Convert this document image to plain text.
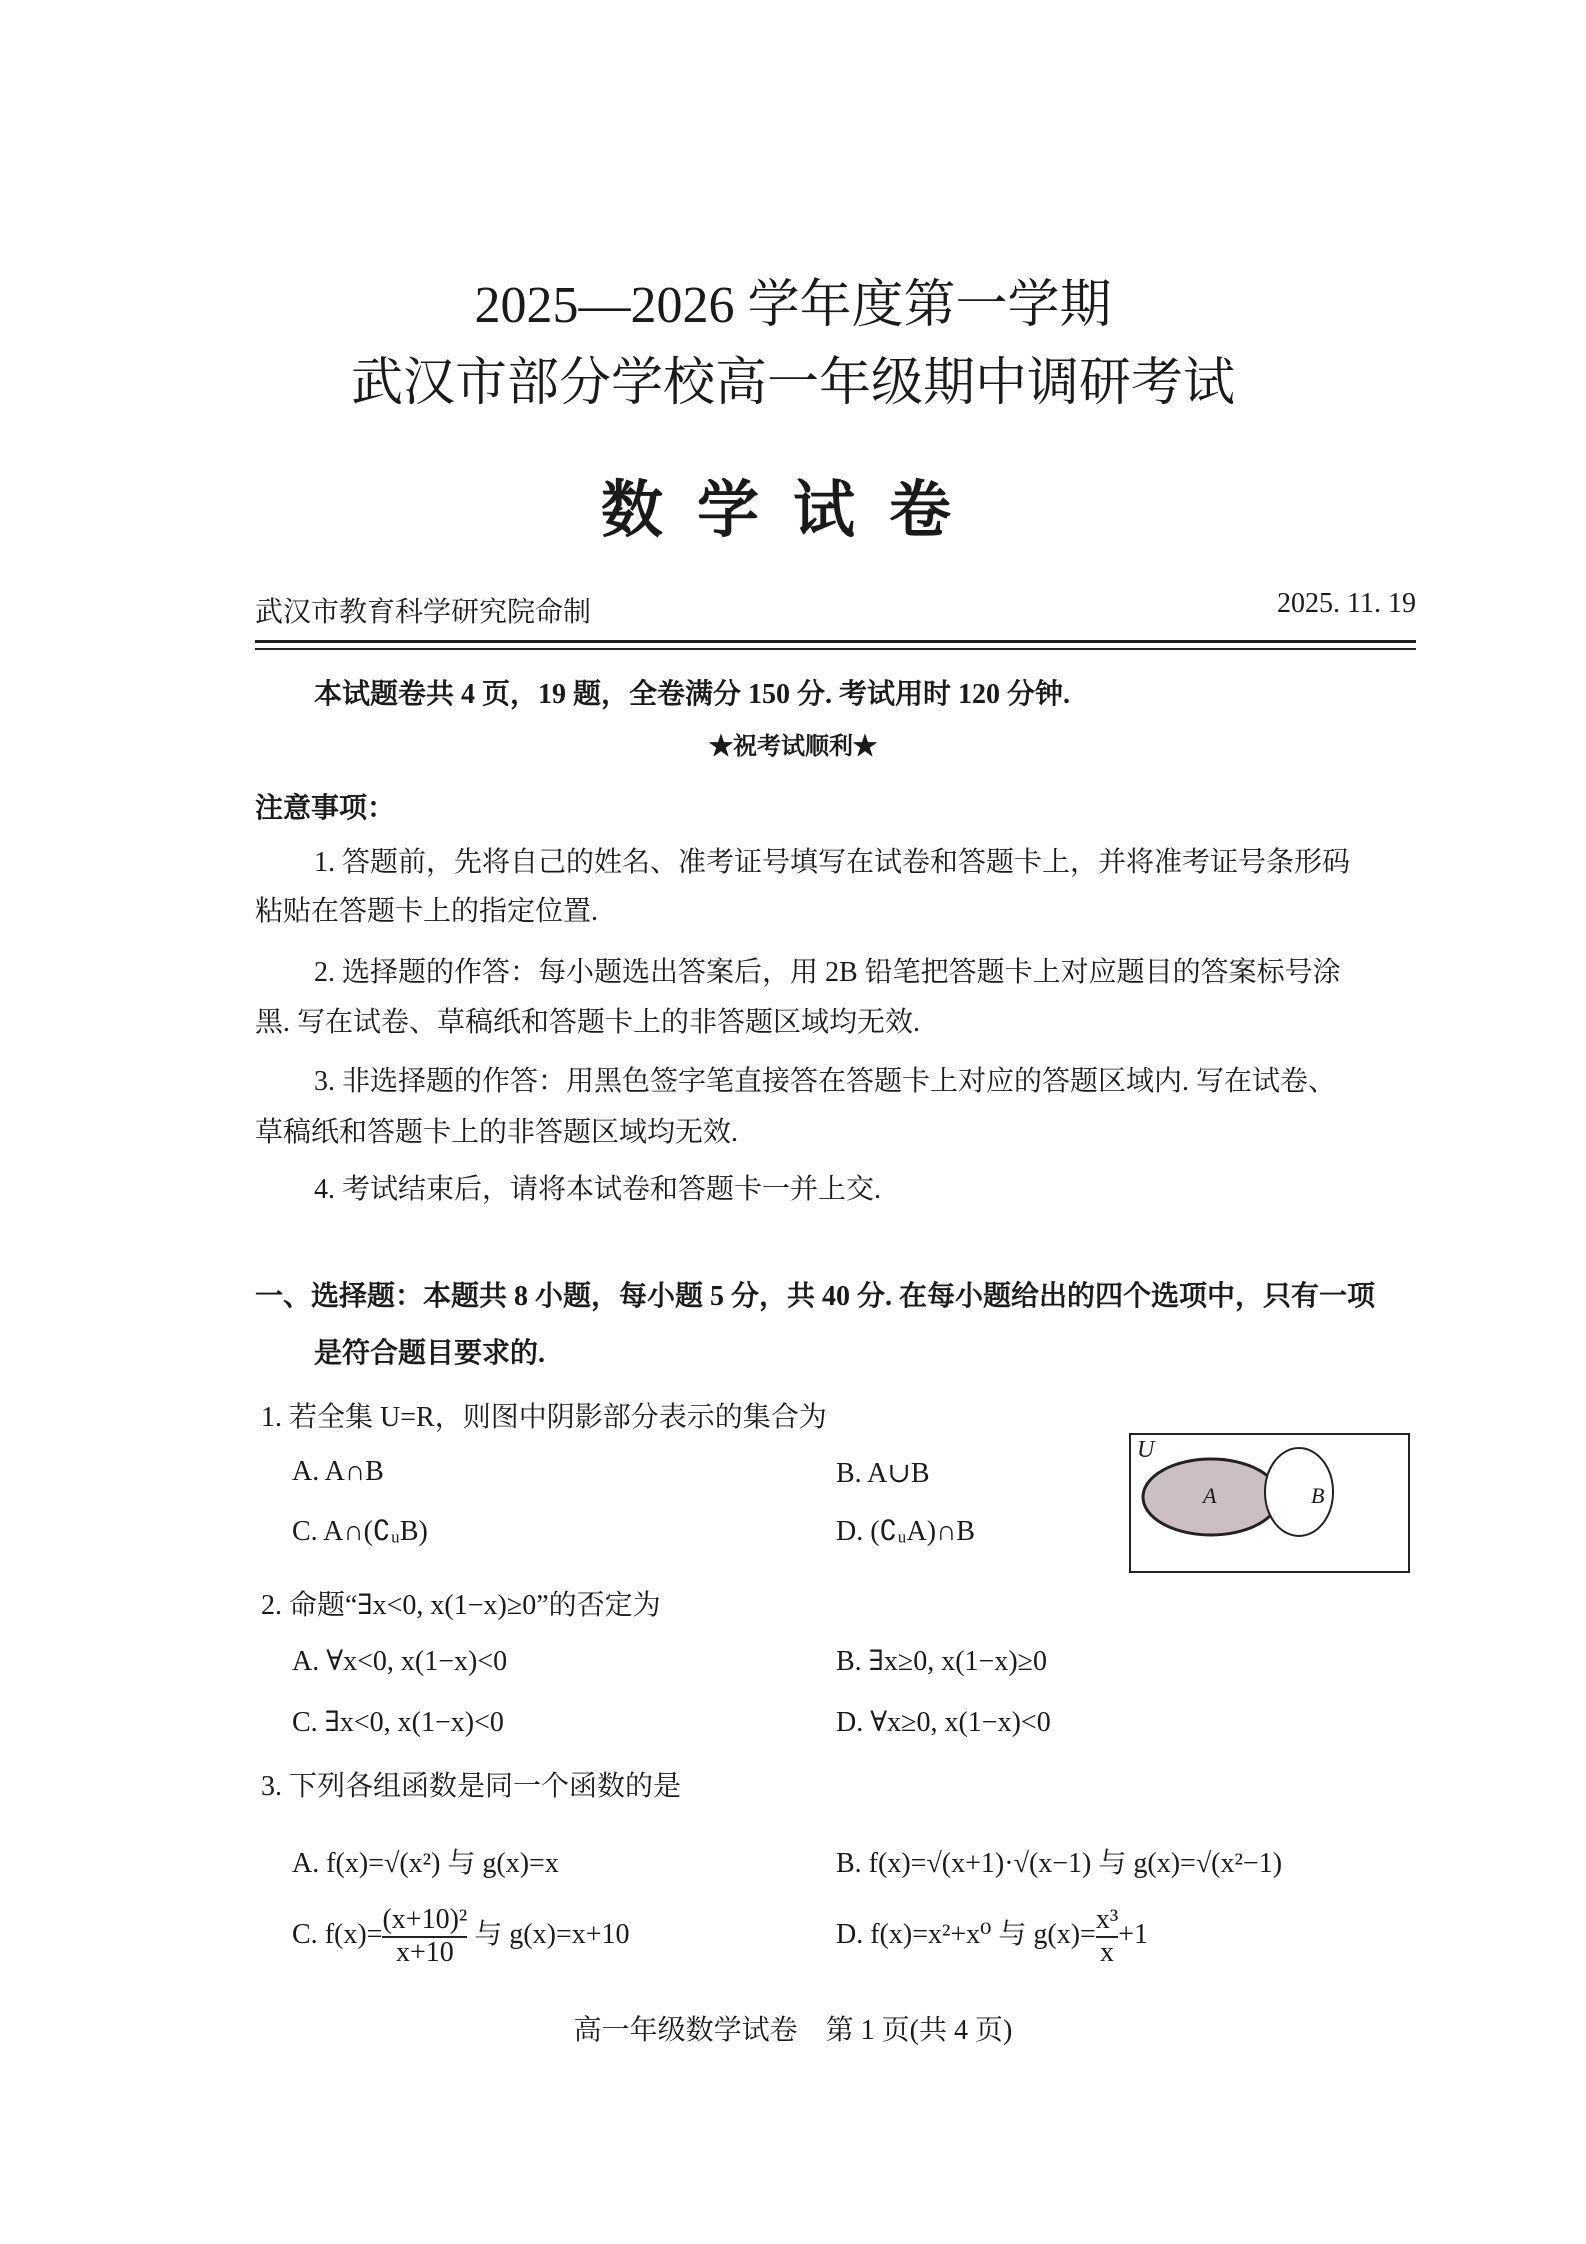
2025—2026 学年度第一学期
武汉市部分学校高一年级期中调研考试
数学试卷
武汉市教育科学研究院命制	2025. 11. 19
本试题卷共 4 页，19 题，全卷满分 150 分. 考试用时 120 分钟.
★祝考试顺利★
注意事项：
1. 答题前，先将自己的姓名、准考证号填写在试卷和答题卡上，并将准考证号条形码
粘贴在答题卡上的指定位置.
2. 选择题的作答：每小题选出答案后，用 2B 铅笔把答题卡上对应题目的答案标号涂
黑. 写在试卷、草稿纸和答题卡上的非答题区域均无效.
3. 非选择题的作答：用黑色签字笔直接答在答题卡上对应的答题区域内. 写在试卷、
草稿纸和答题卡上的非答题区域均无效.
4. 考试结束后，请将本试卷和答题卡一并上交.
一、选择题：本题共 8 小题，每小题 5 分，共 40 分. 在每小题给出的四个选项中，只有一项
是符合题目要求的.
1. 若全集 U=R，则图中阴影部分表示的集合为
A. A∩B	B. A∪B
C. A∩(∁ᵤB)	D. (∁ᵤA)∩B
U
A	B
2. 命题“∃x<0, x(1−x)≥0”的否定为
A. ∀x<0, x(1−x)<0	B. ∃x≥0, x(1−x)≥0
C. ∃x<0, x(1−x)<0	D. ∀x≥0, x(1−x)<0
3. 下列各组函数是同一个函数的是
A. f(x)=√(x²) 与 g(x)=x	B. f(x)=√(x+1)·√(x−1) 与 g(x)=√(x²−1)
C. $f(x)= \frac{\text{(x+10)²}}{x+10}$ 与 g(x)=x+10	D. f(x)=x²+x⁰ 与 $g(x)= \frac{\text{x³}}{x} +1$
高一年级数学试卷　第 1 页(共 4 页)
